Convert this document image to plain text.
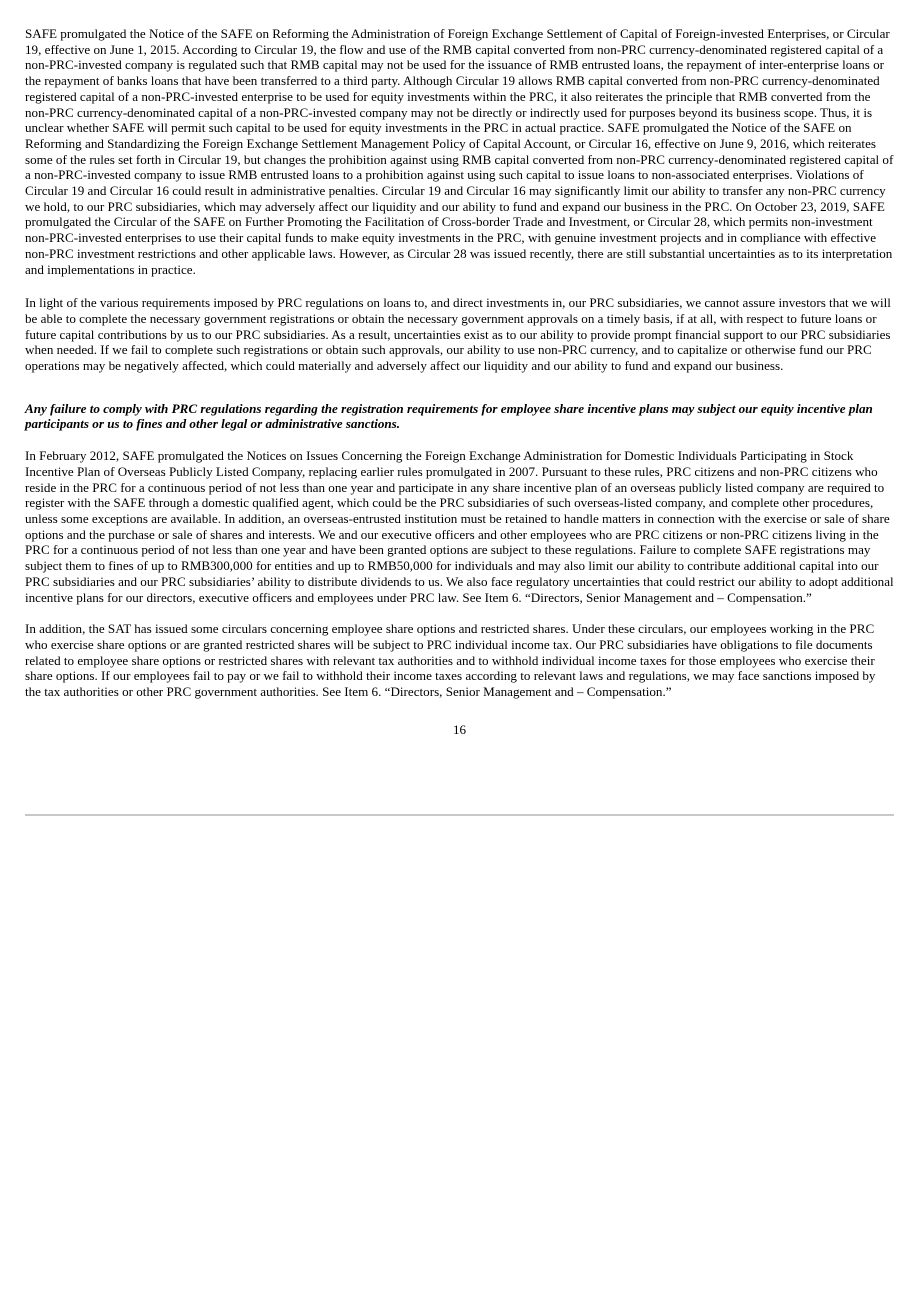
SAFE promulgated the Notice of the SAFE on Reforming the Administration of Foreign Exchange Settlement of Capital of Foreign-invested Enterprises, or Circular 19, effective on June 1, 2015. According to Circular 19, the flow and use of the RMB capital converted from non-PRC currency-denominated registered capital of a non-PRC-invested company is regulated such that RMB capital may not be used for the issuance of RMB entrusted loans, the repayment of inter-enterprise loans or the repayment of banks loans that have been transferred to a third party. Although Circular 19 allows RMB capital converted from non-PRC currency-denominated registered capital of a non-PRC-invested enterprise to be used for equity investments within the PRC, it also reiterates the principle that RMB converted from the non-PRC currency-denominated capital of a non-PRC-invested company may not be directly or indirectly used for purposes beyond its business scope. Thus, it is unclear whether SAFE will permit such capital to be used for equity investments in the PRC in actual practice. SAFE promulgated the Notice of the SAFE on Reforming and Standardizing the Foreign Exchange Settlement Management Policy of Capital Account, or Circular 16, effective on June 9, 2016, which reiterates some of the rules set forth in Circular 19, but changes the prohibition against using RMB capital converted from non-PRC currency-denominated registered capital of a non-PRC-invested company to issue RMB entrusted loans to a prohibition against using such capital to issue loans to non-associated enterprises. Violations of Circular 19 and Circular 16 could result in administrative penalties. Circular 19 and Circular 16 may significantly limit our ability to transfer any non-PRC currency we hold, to our PRC subsidiaries, which may adversely affect our liquidity and our ability to fund and expand our business in the PRC. On October 23, 2019, SAFE promulgated the Circular of the SAFE on Further Promoting the Facilitation of Cross-border Trade and Investment, or Circular 28, which permits non-investment non-PRC-invested enterprises to use their capital funds to make equity investments in the PRC, with genuine investment projects and in compliance with effective non-PRC investment restrictions and other applicable laws. However, as Circular 28 was issued recently, there are still substantial uncertainties as to its interpretation and implementations in practice.

In light of the various requirements imposed by PRC regulations on loans to, and direct investments in, our PRC subsidiaries, we cannot assure investors that we will be able to complete the necessary government registrations or obtain the necessary government approvals on a timely basis, if at all, with respect to future loans or future capital contributions by us to our PRC subsidiaries. As a result, uncertainties exist as to our ability to provide prompt financial support to our PRC subsidiaries when needed. If we fail to complete such registrations or obtain such approvals, our ability to use non-PRC currency, and to capitalize or otherwise fund our PRC operations may be negatively affected, which could materially and adversely affect our liquidity and our ability to fund and expand our business.

Any failure to comply with PRC regulations regarding the registration requirements for employee share incentive plans may subject our equity incentive plan participants or us to fines and other legal or administrative sanctions.

In February 2012, SAFE promulgated the Notices on Issues Concerning the Foreign Exchange Administration for Domestic Individuals Participating in Stock Incentive Plan of Overseas Publicly Listed Company, replacing earlier rules promulgated in 2007. Pursuant to these rules, PRC citizens and non-PRC citizens who reside in the PRC for a continuous period of not less than one year and participate in any share incentive plan of an overseas publicly listed company are required to register with the SAFE through a domestic qualified agent, which could be the PRC subsidiaries of such overseas-listed company, and complete other procedures, unless some exceptions are available. In addition, an overseas-entrusted institution must be retained to handle matters in connection with the exercise or sale of share options and the purchase or sale of shares and interests. We and our executive officers and other employees who are PRC citizens or non-PRC citizens living in the PRC for a continuous period of not less than one year and have been granted options are subject to these regulations. Failure to complete SAFE registrations may subject them to fines of up to RMB300,000 for entities and up to RMB50,000 for individuals and may also limit our ability to contribute additional capital into our PRC subsidiaries and our PRC subsidiaries’ ability to distribute dividends to us. We also face regulatory uncertainties that could restrict our ability to adopt additional incentive plans for our directors, executive officers and employees under PRC law. See Item 6. “Directors, Senior Management and – Compensation.”

In addition, the SAT has issued some circulars concerning employee share options and restricted shares. Under these circulars, our employees working in the PRC who exercise share options or are granted restricted shares will be subject to PRC individual income tax. Our PRC subsidiaries have obligations to file documents related to employee share options or restricted shares with relevant tax authorities and to withhold individual income taxes for those employees who exercise their share options. If our employees fail to pay or we fail to withhold their income taxes according to relevant laws and regulations, we may face sanctions imposed by the tax authorities or other PRC government authorities. See Item 6. “Directors, Senior Management and – Compensation.”

16
